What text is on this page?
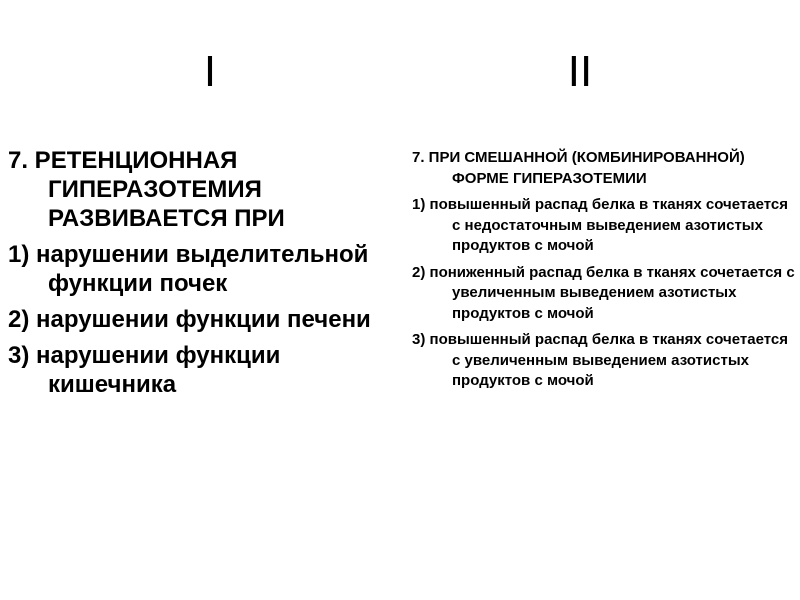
I	II

7. РЕТЕНЦИОННАЯ ГИПЕРАЗОТЕМИЯ РАЗВИВАЕТСЯ ПРИ

1) нарушении выделительной функции почек

2) нарушении функции печени

3) нарушении функции кишечника

7. ПРИ СМЕШАННОЙ (КОМБИНИРОВАННОЙ) ФОРМЕ ГИПЕРАЗОТЕМИИ

1) повышенный распад белка в тканях сочетается с недостаточным выведением азотистых продуктов с мочой

2) пониженный распад белка в тканях сочетается с увеличенным выведением азотистых продуктов с мочой

3) повышенный распад белка в тканях сочетается с увеличенным выведением азотистых продуктов с мочой
